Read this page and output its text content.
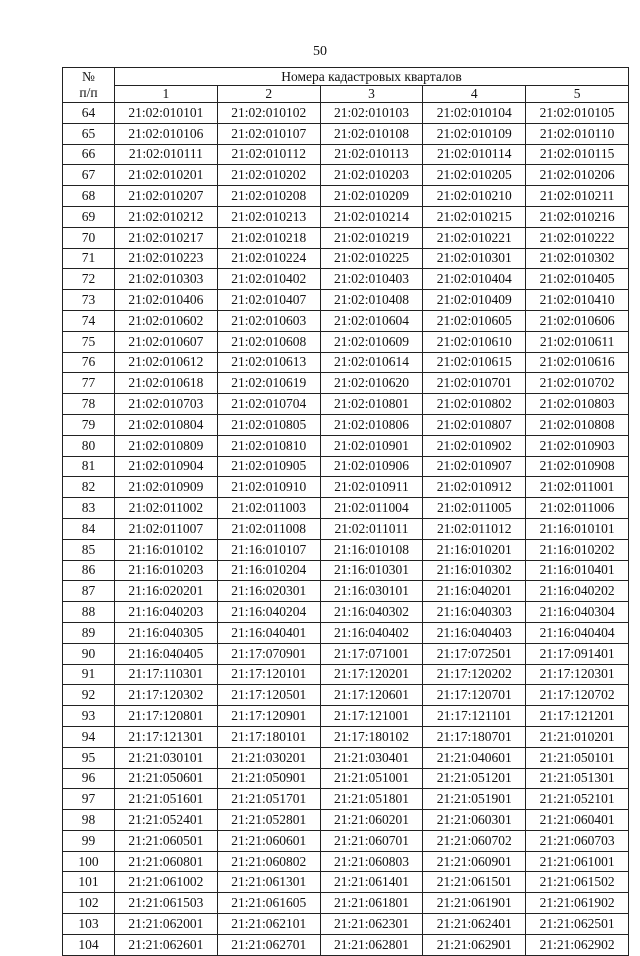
50
№
п/п	Номера кадастровых кварталов				
	1	2	3	4	5
64	21:02:010101	21:02:010102	21:02:010103	21:02:010104	21:02:010105
65	21:02:010106	21:02:010107	21:02:010108	21:02:010109	21:02:010110
66	21:02:010111	21:02:010112	21:02:010113	21:02:010114	21:02:010115
67	21:02:010201	21:02:010202	21:02:010203	21:02:010205	21:02:010206
68	21:02:010207	21:02:010208	21:02:010209	21:02:010210	21:02:010211
69	21:02:010212	21:02:010213	21:02:010214	21:02:010215	21:02:010216
70	21:02:010217	21:02:010218	21:02:010219	21:02:010221	21:02:010222
71	21:02:010223	21:02:010224	21:02:010225	21:02:010301	21:02:010302
72	21:02:010303	21:02:010402	21:02:010403	21:02:010404	21:02:010405
73	21:02:010406	21:02:010407	21:02:010408	21:02:010409	21:02:010410
74	21:02:010602	21:02:010603	21:02:010604	21:02:010605	21:02:010606
75	21:02:010607	21:02:010608	21:02:010609	21:02:010610	21:02:010611
76	21:02:010612	21:02:010613	21:02:010614	21:02:010615	21:02:010616
77	21:02:010618	21:02:010619	21:02:010620	21:02:010701	21:02:010702
78	21:02:010703	21:02:010704	21:02:010801	21:02:010802	21:02:010803
79	21:02:010804	21:02:010805	21:02:010806	21:02:010807	21:02:010808
80	21:02:010809	21:02:010810	21:02:010901	21:02:010902	21:02:010903
81	21:02:010904	21:02:010905	21:02:010906	21:02:010907	21:02:010908
82	21:02:010909	21:02:010910	21:02:010911	21:02:010912	21:02:011001
83	21:02:011002	21:02:011003	21:02:011004	21:02:011005	21:02:011006
84	21:02:011007	21:02:011008	21:02:011011	21:02:011012	21:16:010101
85	21:16:010102	21:16:010107	21:16:010108	21:16:010201	21:16:010202
86	21:16:010203	21:16:010204	21:16:010301	21:16:010302	21:16:010401
87	21:16:020201	21:16:020301	21:16:030101	21:16:040201	21:16:040202
88	21:16:040203	21:16:040204	21:16:040302	21:16:040303	21:16:040304
89	21:16:040305	21:16:040401	21:16:040402	21:16:040403	21:16:040404
90	21:16:040405	21:17:070901	21:17:071001	21:17:072501	21:17:091401
91	21:17:110301	21:17:120101	21:17:120201	21:17:120202	21:17:120301
92	21:17:120302	21:17:120501	21:17:120601	21:17:120701	21:17:120702
93	21:17:120801	21:17:120901	21:17:121001	21:17:121101	21:17:121201
94	21:17:121301	21:17:180101	21:17:180102	21:17:180701	21:21:010201
95	21:21:030101	21:21:030201	21:21:030401	21:21:040601	21:21:050101
96	21:21:050601	21:21:050901	21:21:051001	21:21:051201	21:21:051301
97	21:21:051601	21:21:051701	21:21:051801	21:21:051901	21:21:052101
98	21:21:052401	21:21:052801	21:21:060201	21:21:060301	21:21:060401
99	21:21:060501	21:21:060601	21:21:060701	21:21:060702	21:21:060703
100	21:21:060801	21:21:060802	21:21:060803	21:21:060901	21:21:061001
101	21:21:061002	21:21:061301	21:21:061401	21:21:061501	21:21:061502
102	21:21:061503	21:21:061605	21:21:061801	21:21:061901	21:21:061902
103	21:21:062001	21:21:062101	21:21:062301	21:21:062401	21:21:062501
104	21:21:062601	21:21:062701	21:21:062801	21:21:062901	21:21:062902
